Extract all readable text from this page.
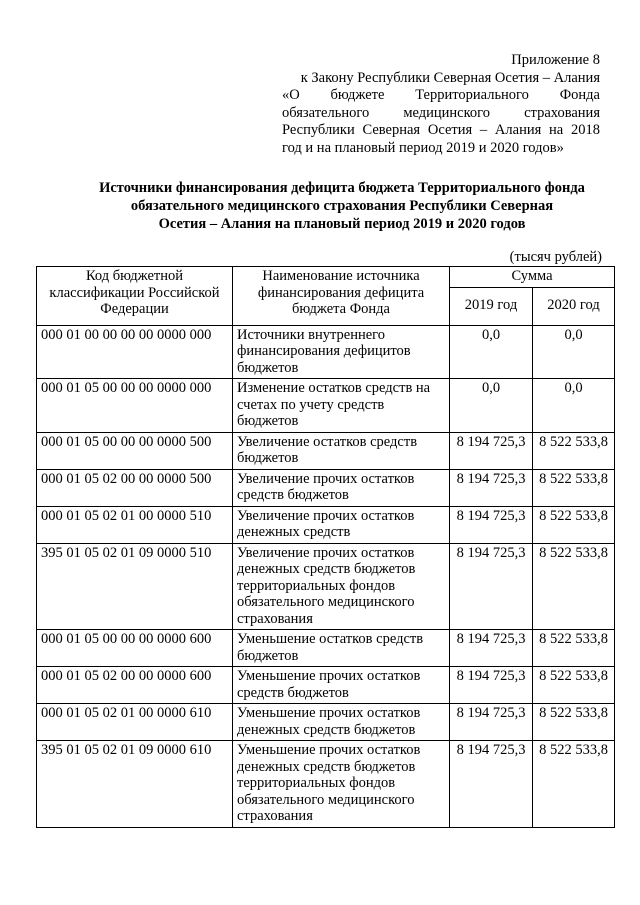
Приложение 8
к Закону Республики Северная Осетия – Алания
«О бюджете Территориального Фонда
обязательного медицинского страхования
Республики Северная Осетия – Алания на 2018
год и на плановый период 2019 и 2020 годов»
Источники финансирования дефицита бюджета Территориального фонда
обязательного медицинского страхования Республики Северная
Осетия – Алания на плановый период 2019 и 2020 годов
(тысяч рублей)
Код бюджетной классификации Российской Федерации	Наименование источника финансирования дефицита бюджета Фонда	Сумма	
		2019 год	2020 год
000 01 00 00 00 00 0000 000	Источники внутреннего финансирования дефицитов бюджетов	0,0	0,0
000 01 05 00 00 00 0000 000	Изменение остатков средств на счетах по учету средств бюджетов	0,0	0,0
000 01 05 00 00 00 0000 500	Увеличение остатков средств бюджетов	8 194 725,3	8 522 533,8
000 01 05 02 00 00 0000 500	Увеличение прочих остатков средств бюджетов	8 194 725,3	8 522 533,8
000 01 05 02 01 00 0000 510	Увеличение прочих остатков денежных средств	8 194 725,3	8 522 533,8
395 01 05 02 01 09 0000 510	Увеличение прочих остатков денежных средств бюджетов территориальных фондов обязательного медицинского страхования	8 194 725,3	8 522 533,8
000 01 05 00 00 00 0000 600	Уменьшение остатков средств бюджетов	8 194 725,3	8 522 533,8
000 01 05 02 00 00 0000 600	Уменьшение прочих остатков средств бюджетов	8 194 725,3	8 522 533,8
000 01 05 02 01 00 0000 610	Уменьшение прочих остатков денежных средств бюджетов	8 194 725,3	8 522 533,8
395 01 05 02 01 09 0000 610	Уменьшение прочих остатков денежных средств бюджетов территориальных фондов обязательного медицинского страхования	8 194 725,3	8 522 533,8
